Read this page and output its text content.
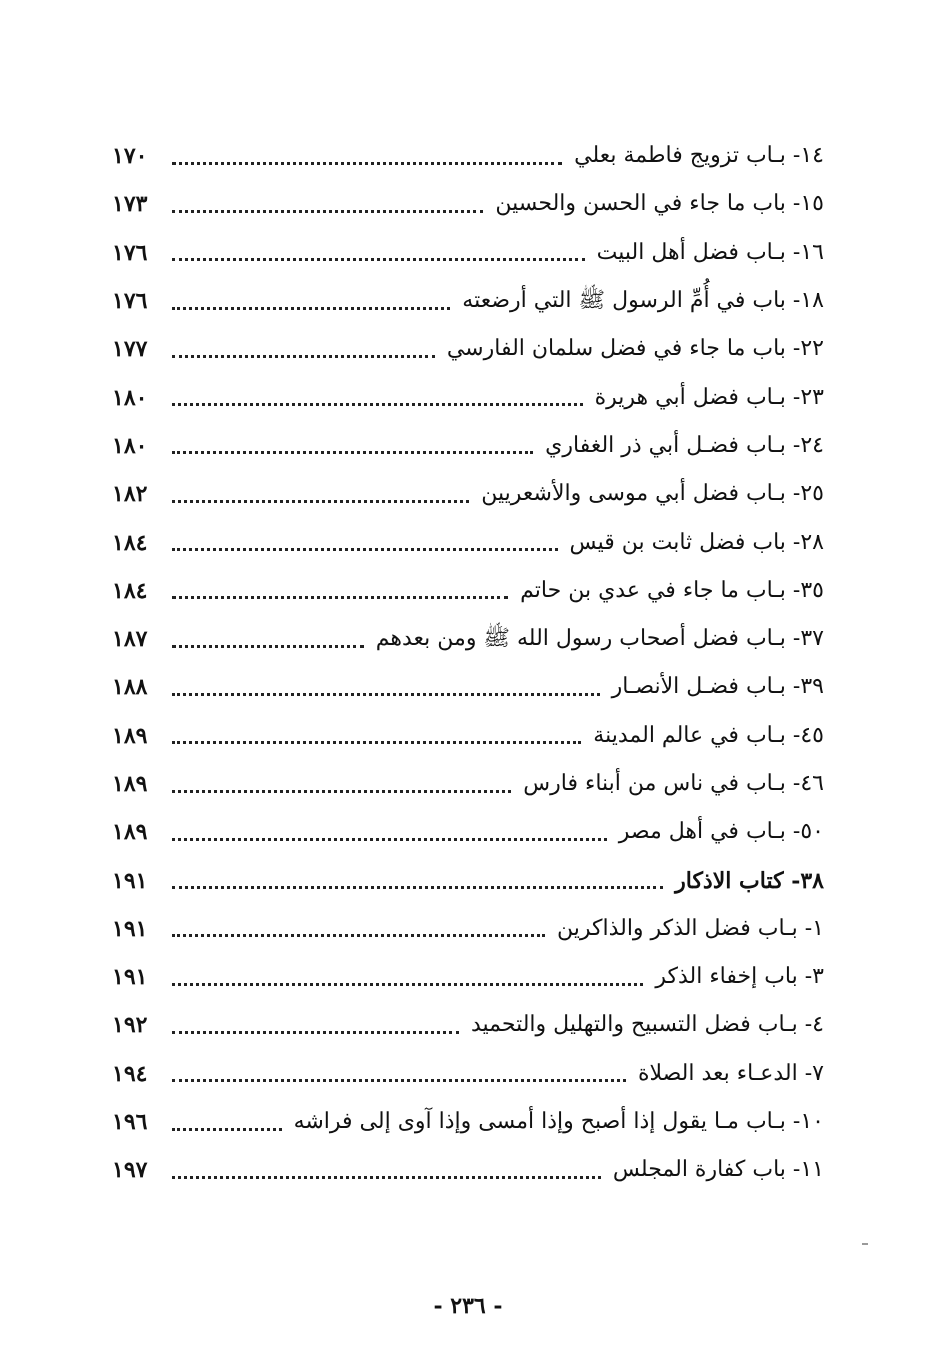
١٤- بـاب تزويج فاطمة بعلي
١٧٠
١٥- باب ما جاء في الحسن والحسين
١٧٣
١٦- بـاب فضل أهل البيت
١٧٦
١٨- باب في أُمِّ الرسول ﷺ التي أرضعته
١٧٦
٢٢- باب ما جاء في فضل سلمان الفارسي
١٧٧
٢٣- بـاب فضل أبي هريرة
١٨٠
٢٤- بـاب فضـل أبي ذر الغفاري
١٨٠
٢٥- بـاب فضل أبي موسى والأشعريين
١٨٢
٢٨- باب فضل ثابت بن قيس
١٨٤
٣٥- بـاب ما جاء في عدي بن حاتم
١٨٤
٣٧- بـاب فضل أصحاب رسول الله ﷺ ومن بعدهم
١٨٧
٣٩- بـاب فضـل الأنصـار
١٨٨
٤٥- بـاب في عالم المدينة
١٨٩
٤٦- بـاب في ناس من أبناء فارس
١٨٩
٥٠- بـاب في أهل مصر
١٨٩
٣٨- كتاب الاذكار
١٩١
١- بـاب فضل الذكر والذاكرين
١٩١
٣- باب إخفاء الذكر
١٩١
٤- بـاب فضل التسبيح والتهليل والتحميد
١٩٢
٧- الدعـاء بعد الصلاة
١٩٤
١٠- بـاب مـا يقول إذا أصبح وإذا أمسى وإذا آوى إلى فراشه
١٩٦
١١- باب كفارة المجلس
١٩٧
- ٢٣٦ -
